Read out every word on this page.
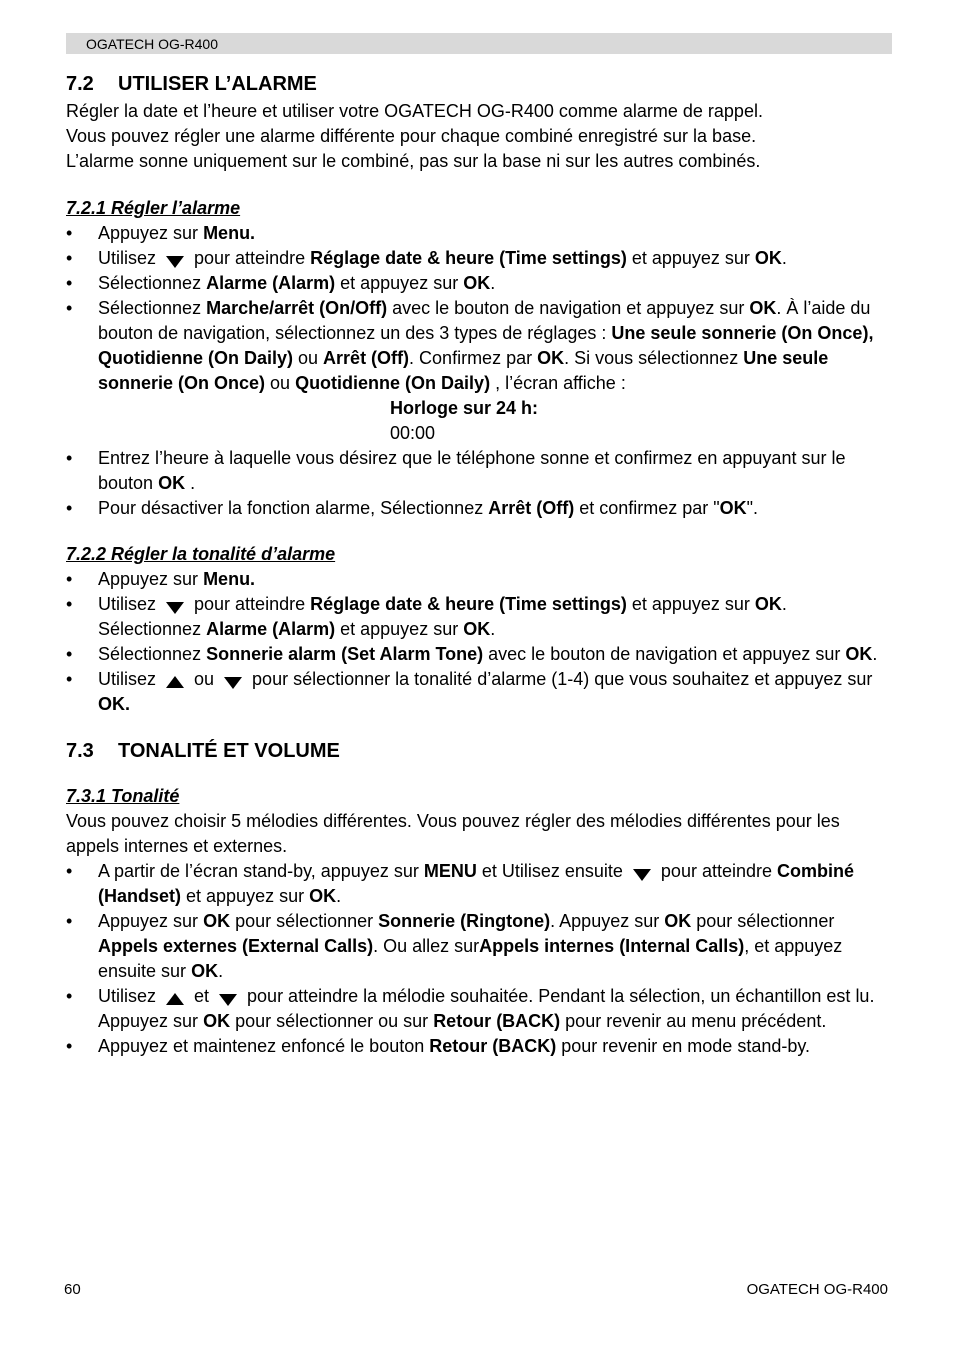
OGATECH OG-R400
7.2 UTILISER L’ALARME

Régler la date et l’heure et utiliser votre OGATECH OG-R400 comme alarme de rappel.
Vous pouvez régler une alarme différente pour chaque combiné enregistré sur la base.
L’alarme sonne uniquement sur le combiné, pas sur la base ni sur les autres combinés.

7.2.1 Régler l’alarme
• Appuyez sur Menu.
• Utilisez  pour atteindre Réglage date & heure (Time settings) et appuyez sur OK.
• Sélectionnez Alarme (Alarm) et appuyez sur OK.
• Sélectionnez Marche/arrêt (On/Off) avec le bouton de navigation et appuyez sur OK. À l’aide du bouton de navigation, sélectionnez un des 3 types de réglages : Une seule sonnerie (On Once), Quotidienne (On Daily) ou Arrêt (Off). Confirmez par OK. Si vous sélectionnez Une seule sonnerie (On Once) ou Quotidienne (On Daily) , l’écran affiche :
Horloge sur 24 h:
00:00
• Entrez l’heure à laquelle vous désirez que le téléphone sonne et confirmez en appuyant sur le bouton OK .
• Pour désactiver la fonction alarme, Sélectionnez Arrêt (Off) et confirmez par "OK".
7.2.2 Régler la tonalité d’alarme
• Appuyez sur Menu.
• Utilisez  pour atteindre Réglage date & heure (Time settings) et appuyez sur OK. Sélectionnez Alarme (Alarm) et appuyez sur OK.
• Sélectionnez Sonnerie alarm (Set Alarm Tone) avec le bouton de navigation et appuyez sur OK.
• Utilisez  ou  pour sélectionner la tonalité d’alarme (1-4) que vous souhaitez et appuyez sur OK.
7.3 TONALITÉ ET VOLUME
7.3.1 Tonalité

Vous pouvez choisir 5 mélodies différentes. Vous pouvez régler des mélodies différentes pour les appels internes et externes.

• A partir de l’écran stand-by, appuyez sur MENU et Utilisez ensuite  pour atteindre Combiné (Handset) et appuyez sur OK.
• Appuyez sur OK pour sélectionner Sonnerie (Ringtone). Appuyez sur OK pour sélectionner Appels externes (External Calls). Ou allez surAppels internes (Internal Calls), et appuyez ensuite sur OK.
• Utilisez  et  pour atteindre la mélodie souhaitée. Pendant la sélection, un échantillon est lu. Appuyez sur OK pour sélectionner ou sur Retour (BACK) pour revenir au menu précédent.
• Appuyez et maintenez enfoncé le bouton Retour (BACK) pour revenir en mode stand-by.
60	OGATECH OG-R400
